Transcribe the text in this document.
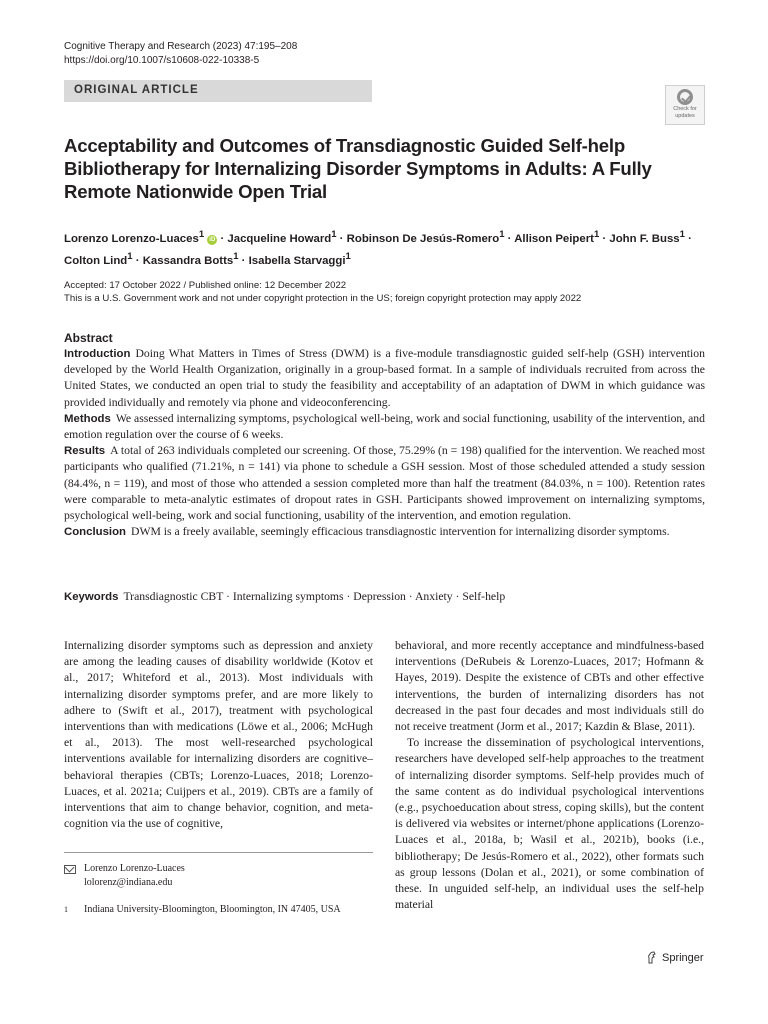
Cognitive Therapy and Research (2023) 47:195–208
https://doi.org/10.1007/s10608-022-10338-5
ORIGINAL ARTICLE
Check for
updates
Acceptability and Outcomes of Transdiagnostic Guided Self-help Bibliotherapy for Internalizing Disorder Symptoms in Adults: A Fully Remote Nationwide Open Trial
Lorenzo Lorenzo-Luaces$^1$ iD · Jacqueline Howard$^1$ · Robinson De Jesús-Romero$^1$ · Allison Peipert$^1$ · John F. Buss$^1$ ·
Colton Lind$^1$ · Kassandra Botts$^1$ · Isabella Starvaggi$^1$
Accepted: 17 October 2022 / Published online: 12 December 2022
This is a U.S. Government work and not under copyright protection in the US; foreign copyright protection may apply 2022
Abstract

Introduction Doing What Matters in Times of Stress (DWM) is a five-module transdiagnostic guided self-help (GSH) intervention developed by the World Health Organization, originally in a group-based format. In a sample of individuals recruited from across the United States, we conducted an open trial to study the feasibility and acceptability of an adaptation of DWM in which guidance was provided individually and remotely via phone and videoconferencing.

Methods We assessed internalizing symptoms, psychological well-being, work and social functioning, usability of the intervention, and emotion regulation over the course of 6 weeks.

Results A total of 263 individuals completed our screening. Of those, 75.29% (n = 198) qualified for the intervention. We reached most participants who qualified (71.21%, n = 141) via phone to schedule a GSH session. Most of those scheduled attended a study session (84.4%, n = 119), and most of those who attended a session completed more than half the treatment (84.03%, n = 100). Retention rates were comparable to meta-analytic estimates of dropout rates in GSH. Participants showed improvement on internalizing symptoms, psychological well-being, work and social functioning, usability of the intervention, and emotion regulation.

Conclusion DWM is a freely available, seemingly efficacious transdiagnostic intervention for internalizing disorder symptoms.

Keywords Transdiagnostic CBT · Internalizing symptoms · Depression · Anxiety · Self-help

Internalizing disorder symptoms such as depression and anxiety are among the leading causes of disability worldwide (Kotov et al., 2017; Whiteford et al., 2013). Most individuals with internalizing disorder symptoms prefer, and are more likely to adhere to (Swift et al., 2017), treatment with psychological interventions than with medications (Löwe et al., 2006; McHugh et al., 2013). The most well-researched psychological interventions available for internalizing disorders are cognitive–behavioral therapies (CBTs; Lorenzo-Luaces, 2018; Lorenzo-Luaces, et al. 2021a; Cuijpers et al., 2019). CBTs are a family of interventions that aim to change behavior, cognition, and meta-cognition via the use of cognitive,

behavioral, and more recently acceptance and mindfulness-based interventions (DeRubeis & Lorenzo-Luaces, 2017; Hofmann & Hayes, 2019). Despite the existence of CBTs and other effective interventions, the burden of internalizing disorders has not decreased in the past four decades and most individuals still do not receive treatment (Jorm et al., 2017; Kazdin & Blase, 2011).

To increase the dissemination of psychological interventions, researchers have developed self-help approaches to the treatment of internalizing disorder symptoms. Self-help provides much of the same content as do individual psychological interventions (e.g., psychoeducation about stress, coping skills), but the content is delivered via websites or internet/phone applications (Lorenzo-Luaces et al., 2018a, b; Wasil et al., 2021b), books (i.e., bibliotherapy; De Jesús-Romero et al., 2022), other formats such as group lessons (Dolan et al., 2021), or some combination of these. In unguided self-help, an individual uses the self-help material

Lorenzo Lorenzo-Luaces
lolorenz@indiana.edu
1	Indiana University-Bloomington, Bloomington, IN 47405, USA
Springer
